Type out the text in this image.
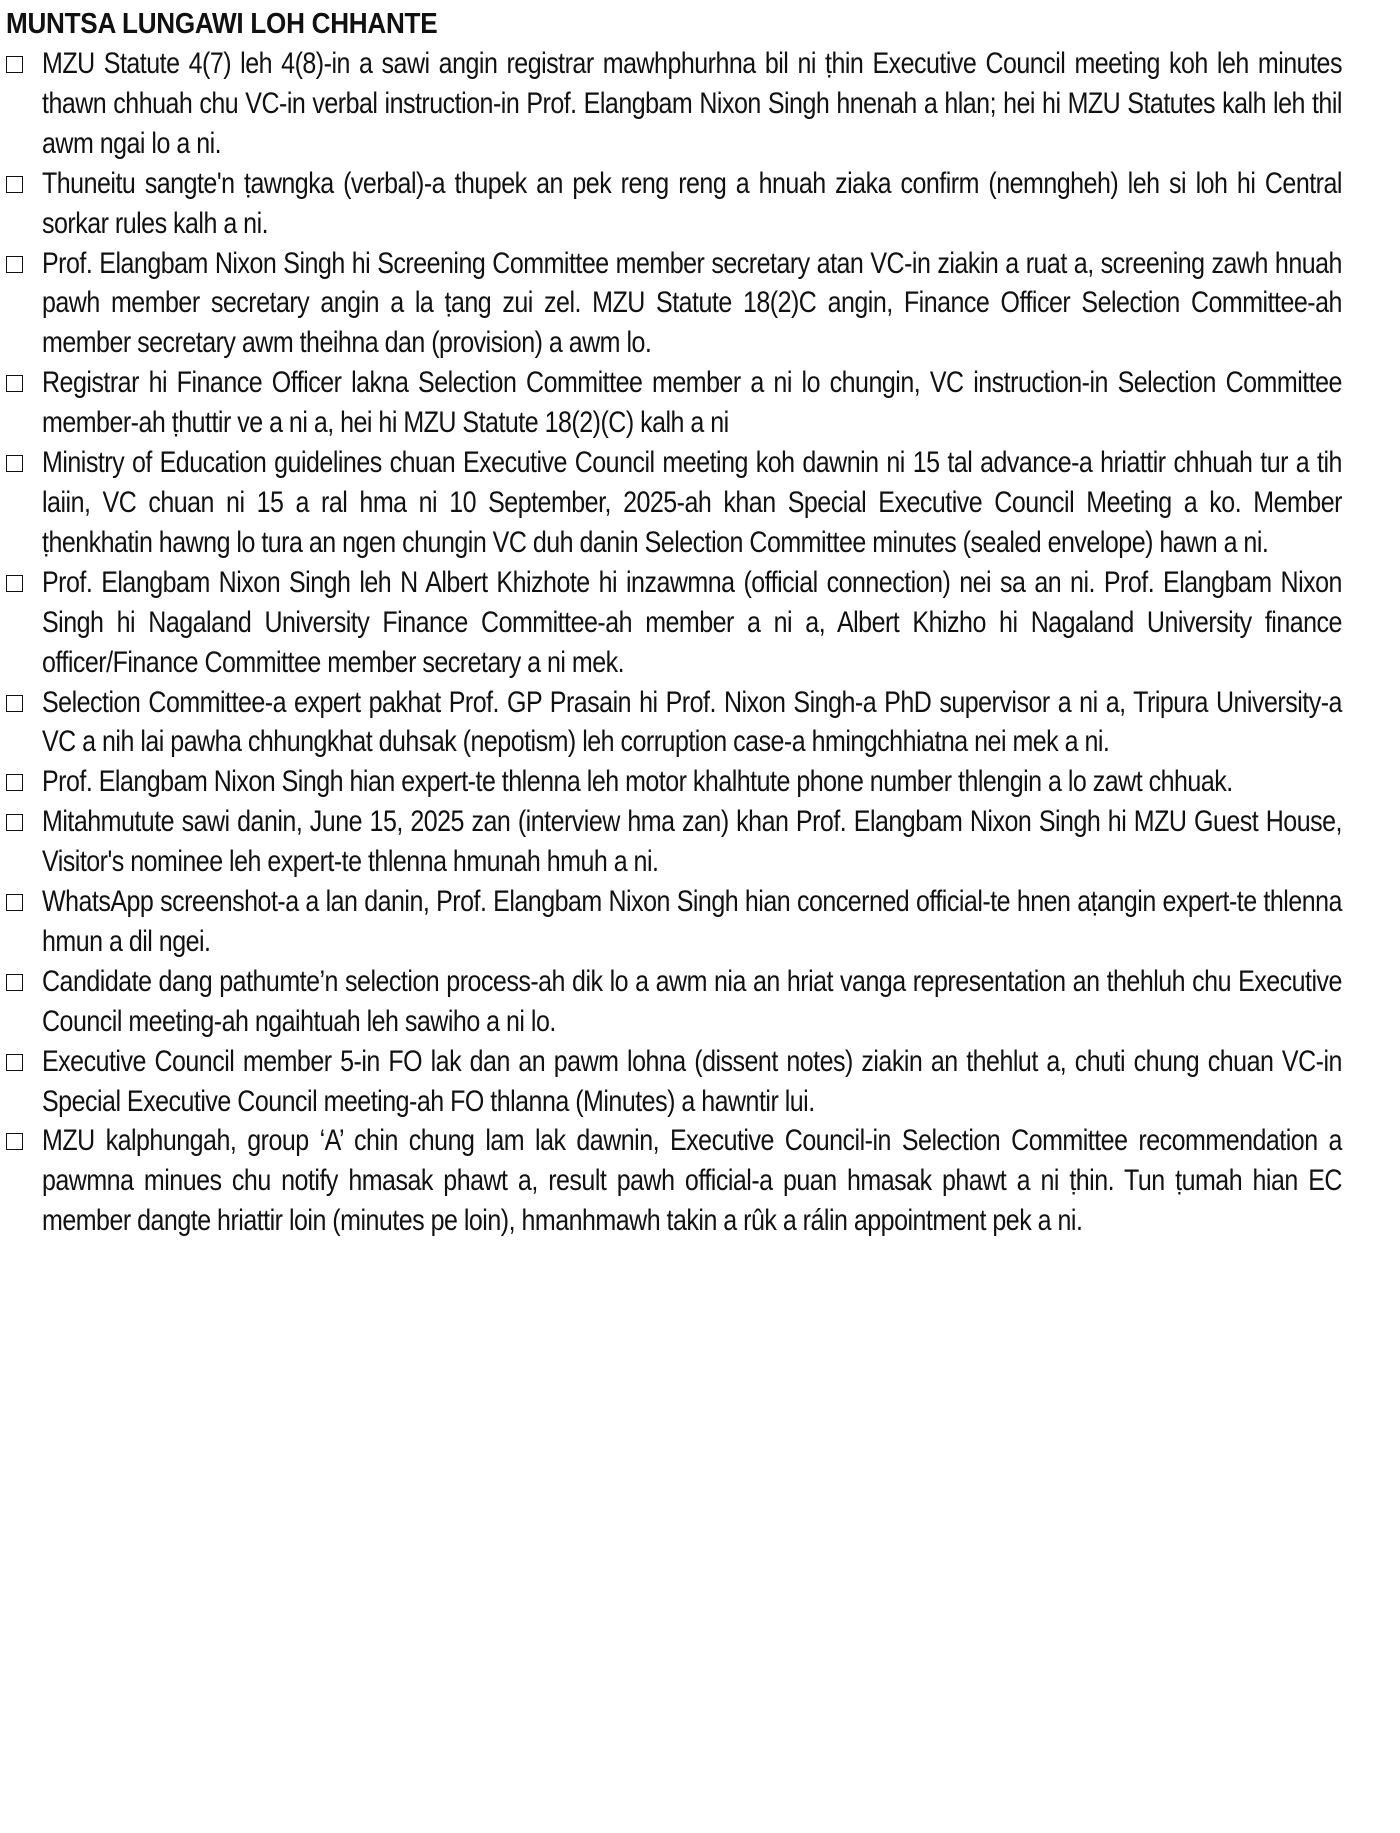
MUNTSA LUNGAWI LOH CHHANTE
MZU Statute 4(7) leh 4(8)-in a sawi angin registrar mawhphurhna bil ni ṭhin Executive Council meeting koh leh minutes thawn chhuah chu VC-in verbal instruction-in Prof. Elangbam Nixon Singh hnenah a hlan; hei hi MZU Statutes kalh leh thil awm ngai lo a ni.
Thuneitu sangte'n ṭawngka (verbal)-a thupek an pek reng reng a hnuah ziaka confirm (nemngheh) leh si loh hi Central sorkar rules kalh a ni.
Prof. Elangbam Nixon Singh hi Screening Committee member secretary atan VC-in ziakin a ruat a, screening zawh hnuah pawh member secretary angin a la ṭang zui zel. MZU Statute 18(2)C angin, Finance Officer Selection Committee-ah member secretary awm theihna dan (provision) a awm lo.
Registrar hi Finance Officer lakna Selection Committee member a ni lo chungin, VC instruction-in Selection Committee member-ah ṭhuttir ve a ni a, hei hi MZU Statute 18(2)(C) kalh a ni
Ministry of Education guidelines chuan Executive Council meeting koh dawnin ni 15 tal advance-a hriattir chhuah tur a tih laiin, VC chuan ni 15 a ral hma ni 10 September, 2025-ah khan Special Executive Council Meeting a ko. Member ṭhenkhatin hawng lo tura an ngen chungin VC duh danin Selection Committee minutes (sealed envelope) hawn a ni.
Prof. Elangbam Nixon Singh leh N Albert Khizhote hi inzawmna (official connection) nei sa an ni. Prof. Elangbam Nixon Singh hi Nagaland University Finance Committee-ah member a ni a, Albert Khizho hi Nagaland University finance officer/Finance Committee member secretary a ni mek.
Selection Committee-a expert pakhat Prof. GP Prasain hi Prof. Nixon Singh-a PhD supervisor a ni a, Tripura University-a VC a nih lai pawha chhungkhat duhsak (nepotism) leh corruption case-a hmingchhiatna nei mek a ni.
Prof. Elangbam Nixon Singh hian expert-te thlenna leh motor khalhtute phone number thlengin a lo zawt chhuak.
Mitahmutute sawi danin, June 15, 2025 zan (interview hma zan) khan Prof. Elangbam Nixon Singh hi MZU Guest House, Visitor's nominee leh expert-te thlenna hmunah hmuh a ni.
WhatsApp screenshot-a a lan danin, Prof. Elangbam Nixon Singh hian concerned official-te hnen aṭangin expert-te thlenna hmun a dil ngei.
Candidate dang pathumte’n selection process-ah dik lo a awm nia an hriat vanga representation an thehluh chu Executive Council meeting-ah ngaihtuah leh sawiho a ni lo.
Executive Council member 5-in FO lak dan an pawm lohna (dissent notes) ziakin an thehlut a, chuti chung chuan VC-in Special Executive Council meeting-ah FO thlanna (Minutes) a hawntir lui.
MZU kalphungah, group ‘A’ chin chung lam lak dawnin, Executive Council-in Selection Committee recommendation a pawmna minues chu notify hmasak phawt a, result pawh official-a puan hmasak phawt a ni ṭhin. Tun ṭumah hian EC member dangte hriattir loin (minutes pe loin), hmanhmawh takin a rûk a rálin appointment pek a ni.
